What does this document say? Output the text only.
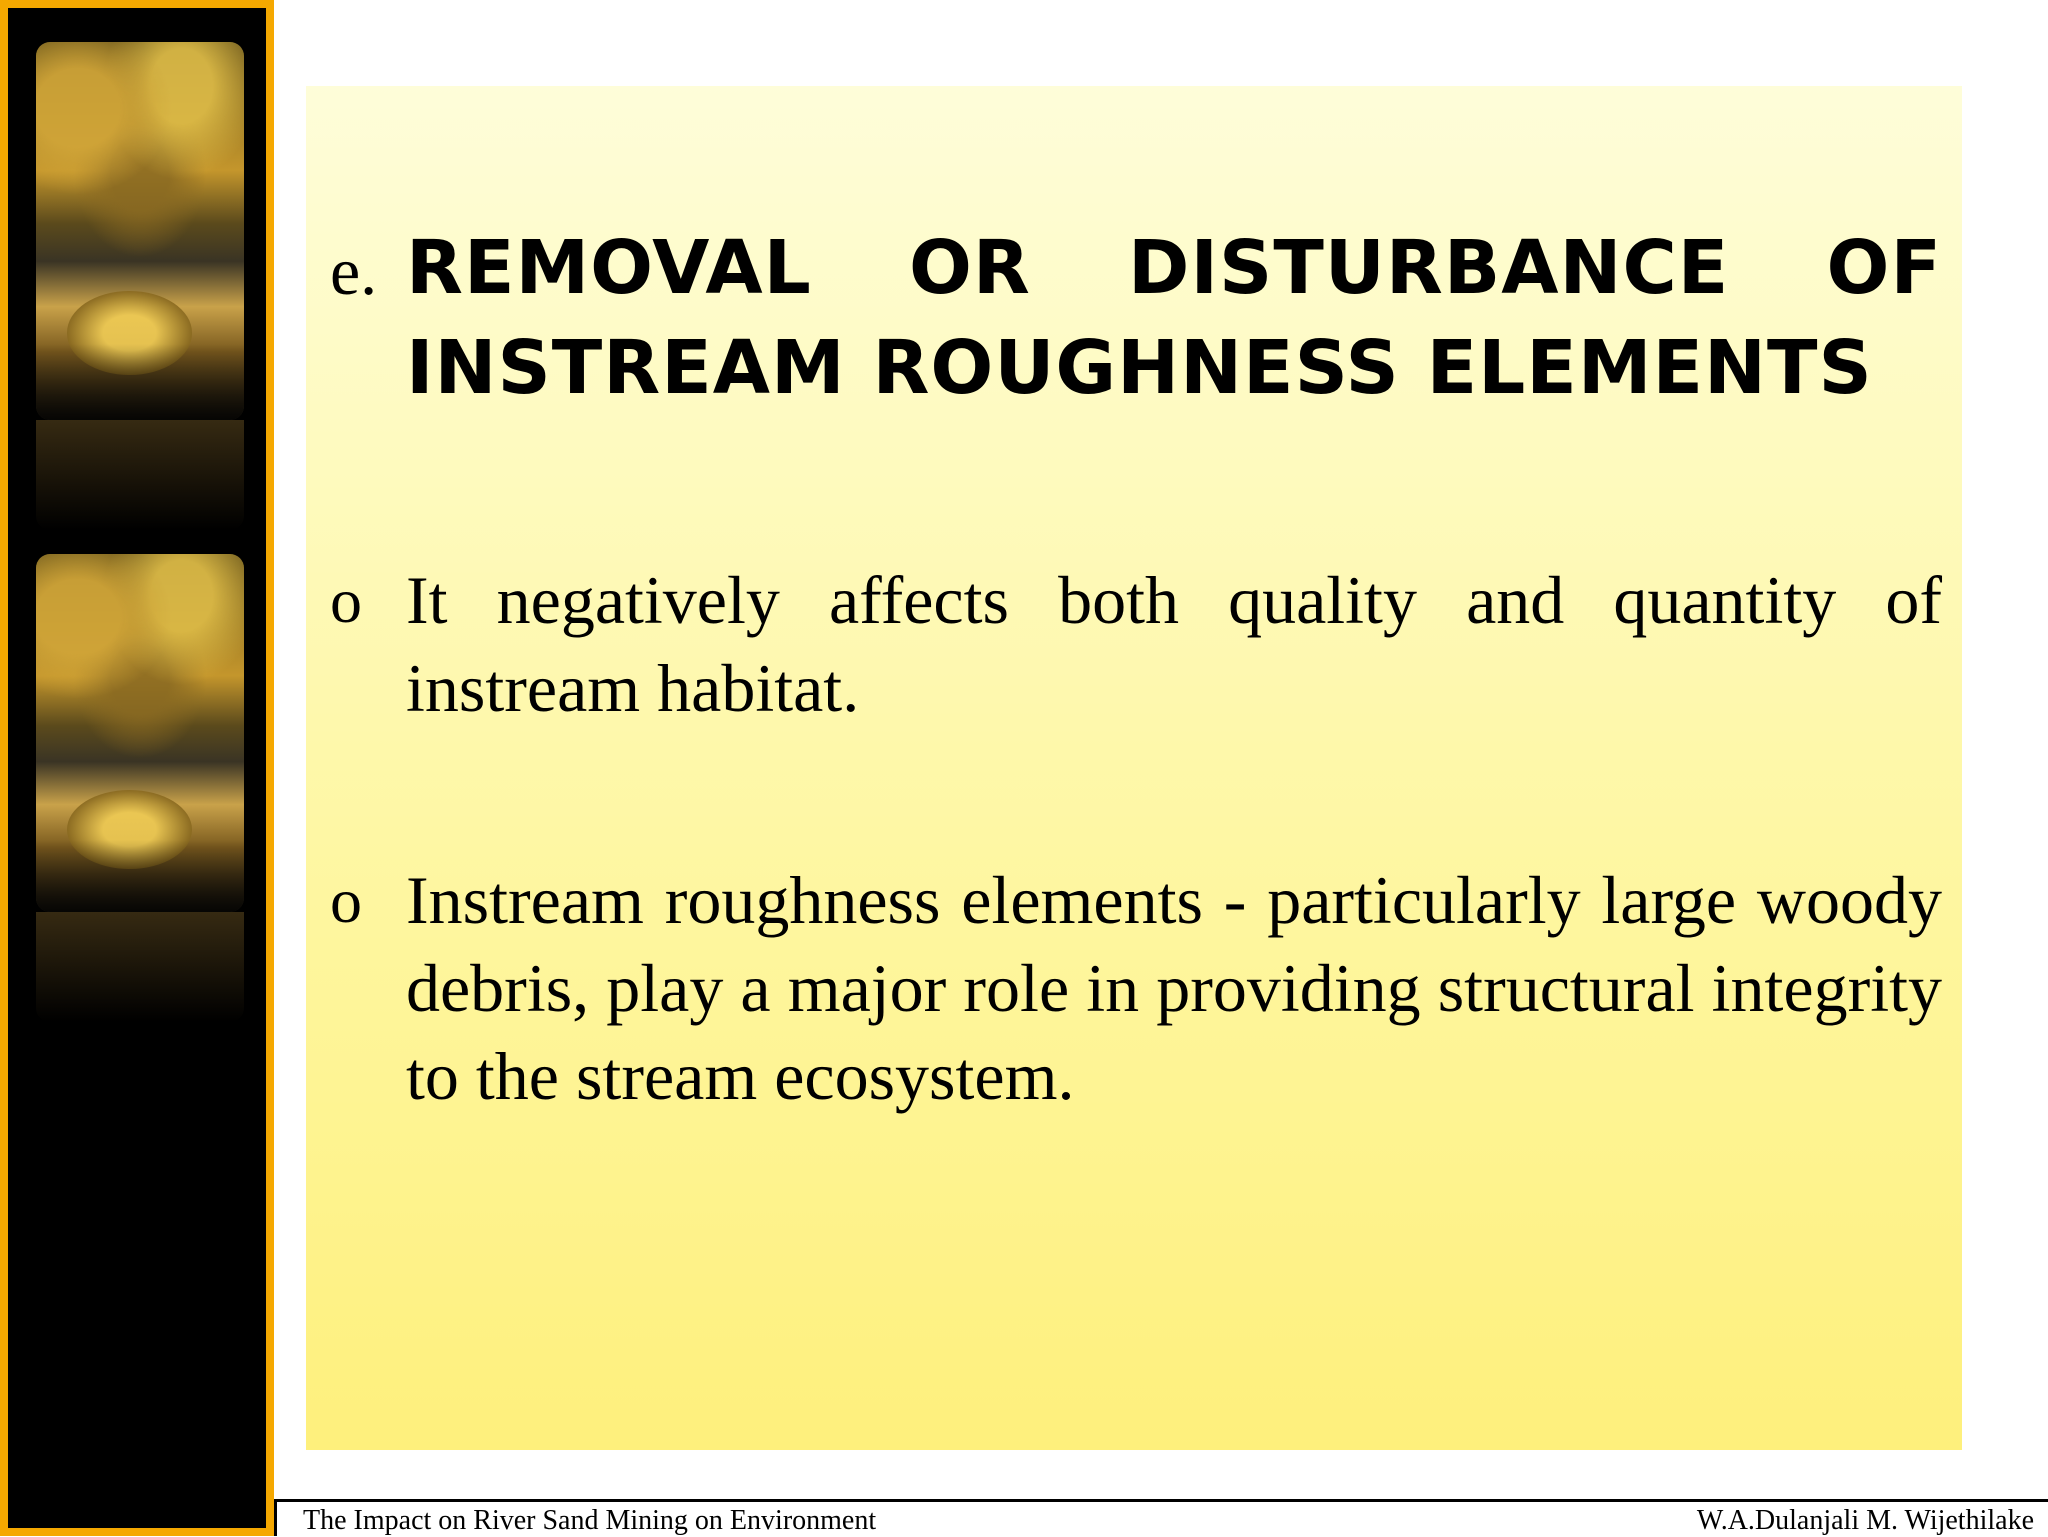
e. REMOVAL OR DISTURBANCE OF INSTREAM ROUGHNESS ELEMENTS
o It negatively affects both quality and quantity of instream habitat.
o Instream roughness elements - particularly large woody debris, play a major role in providing structural integrity to the stream ecosystem.
The Impact on River Sand Mining on Environment	W.A.Dulanjali M. Wijethilake
